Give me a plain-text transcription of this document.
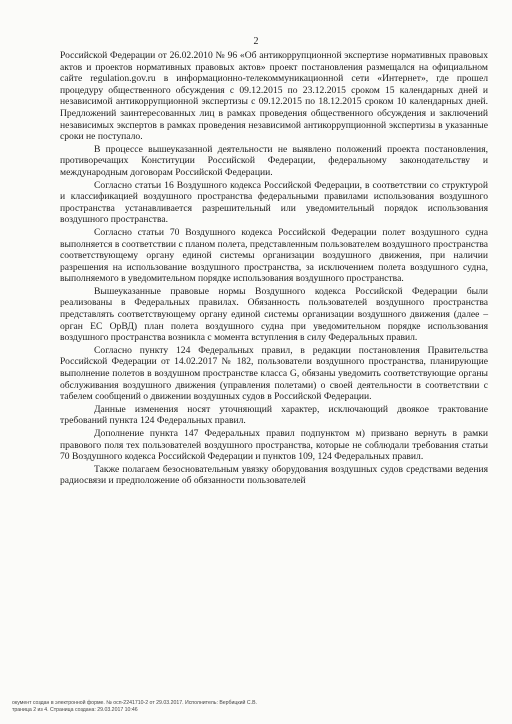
2

Российской Федерации от 26.02.2010 № 96 «Об антикоррупционной экспертизе нормативных правовых актов и проектов нормативных правовых актов» проект постановления размещался на официальном сайте regulation.gov.ru в информационно-телекоммуникационной сети «Интернет», где прошел процедуру общественного обсуждения с 09.12.2015 по 23.12.2015 сроком 15 календарных дней и независимой антикоррупционной экспертизы с 09.12.2015 по 18.12.2015 сроком 10 календарных дней. Предложений заинтересованных лиц в рамках проведения общественного обсуждения и заключений независимых экспертов в рамках проведения независимой антикоррупционной экспертизы в указанные сроки не поступало.

В процессе вышеуказанной деятельности не выявлено положений проекта постановления, противоречащих Конституции Российской Федерации, федеральному законодательству и международным договорам Российской Федерации.

Согласно статьи 16 Воздушного кодекса Российской Федерации, в соответствии со структурой и классификацией воздушного пространства федеральными правилами использования воздушного пространства устанавливается разрешительный или уведомительный порядок использования воздушного пространства.

Согласно статьи 70 Воздушного кодекса Российской Федерации полет воздушного судна выполняется в соответствии с планом полета, представленным пользователем воздушного пространства соответствующему органу единой системы организации воздушного движения, при наличии разрешения на использование воздушного пространства, за исключением полета воздушного судна, выполняемого в уведомительном порядке использования воздушного пространства.

Вышеуказанные правовые нормы Воздушного кодекса Российской Федерации были реализованы в Федеральных правилах. Обязанность пользователей воздушного пространства представлять соответствующему органу единой системы организации воздушного движения (далее – орган ЕС ОрВД) план полета воздушного судна при уведомительном порядке использования воздушного пространства возникла с момента вступления в силу Федеральных правил.

Согласно пункту 124 Федеральных правил, в редакции постановления Правительства Российской Федерации от 14.02.2017 № 182, пользователи воздушного пространства, планирующие выполнение полетов в воздушном пространстве класса G, обязаны уведомить соответствующие органы обслуживания воздушного движения (управления полетами) о своей деятельности в соответствии с табелем сообщений о движении воздушных судов в Российской Федерации.

Данные изменения носят уточняющий характер, исключающий двоякое трактование требований пункта 124 Федеральных правил.

Дополнение пункта 147 Федеральных правил подпунктом м) призвано вернуть в рамки правового поля тех пользователей воздушного пространства, которые не соблюдали требования статьи 70 Воздушного кодекса Российской Федерации и пунктов 109, 124 Федеральных правил.

Также полагаем безосновательным увязку оборудования воздушных судов средствами ведения радиосвязи и предположение об обязанности пользователей

окумент создан в электронной форме. № осп-2241710-2 от 29.03.2017. Исполнитель: Вербицкий С.В.
траница 2 из 4. Страница создана: 29.03.2017 10:46
